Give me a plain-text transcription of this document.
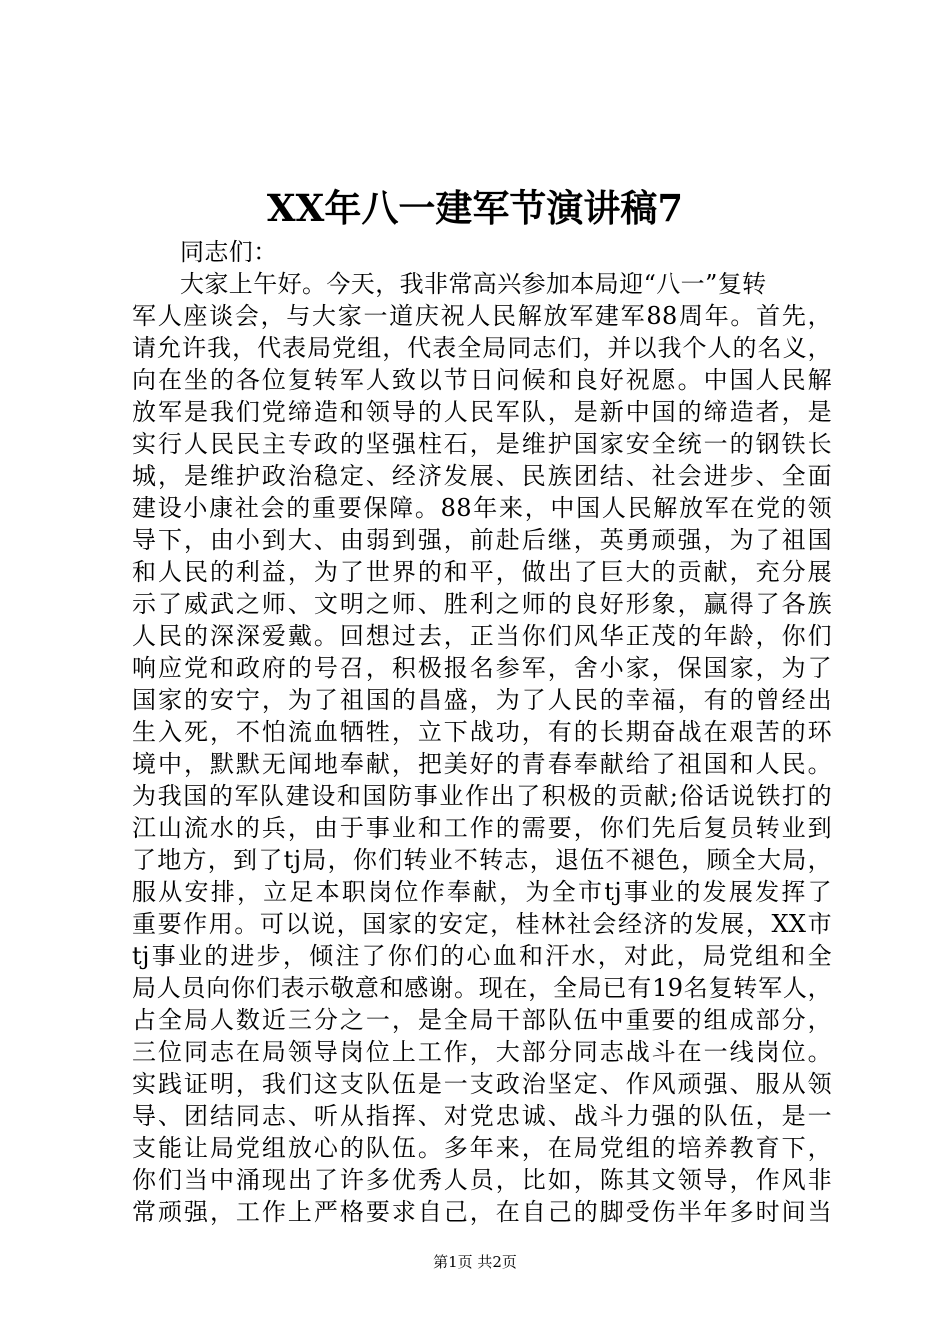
XX年八一建军节演讲稿7
同志们：
大家上午好。今天，我非常高兴参加本局迎“八一”复转
军人座谈会，与大家一道庆祝人民解放军建军88周年。首先，
请允许我，代表局党组，代表全局同志们，并以我个人的名义，
向在坐的各位复转军人致以节日问候和良好祝愿。中国人民解
放军是我们党缔造和领导的人民军队，是新中国的缔造者，是
实行人民民主专政的坚强柱石，是维护国家安全统一的钢铁长
城，是维护政治稳定、经济发展、民族团结、社会进步、全面
建设小康社会的重要保障。88年来，中国人民解放军在党的领
导下，由小到大、由弱到强，前赴后继，英勇顽强，为了祖国
和人民的利益，为了世界的和平，做出了巨大的贡献，充分展
示了威武之师、文明之师、胜利之师的良好形象，赢得了各族
人民的深深爱戴。回想过去，正当你们风华正茂的年龄，你们
响应党和政府的号召，积极报名参军，舍小家，保国家，为了
国家的安宁，为了祖国的昌盛，为了人民的幸福，有的曾经出
生入死，不怕流血牺牲，立下战功，有的长期奋战在艰苦的环
境中，默默无闻地奉献，把美好的青春奉献给了祖国和人民。
为我国的军队建设和国防事业作出了积极的贡献;俗话说铁打的
江山流水的兵，由于事业和工作的需要，你们先后复员转业到
了地方，到了tj局，你们转业不转志，退伍不褪色，顾全大局，
服从安排，立足本职岗位作奉献，为全市tj事业的发展发挥了
重要作用。可以说，国家的安定，桂林社会经济的发展，XX市
tj事业的进步，倾注了你们的心血和汗水，对此，局党组和全
局人员向你们表示敬意和感谢。现在，全局已有19名复转军人，
占全局人数近三分之一，是全局干部队伍中重要的组成部分，
三位同志在局领导岗位上工作，大部分同志战斗在一线岗位。
实践证明，我们这支队伍是一支政治坚定、作风顽强、服从领
导、团结同志、听从指挥、对党忠诚、战斗力强的队伍，是一
支能让局党组放心的队伍。多年来，在局党组的培养教育下，
你们当中涌现出了许多优秀人员，比如，陈其文领导，作风非
常顽强，工作上严格要求自己，在自己的脚受伤半年多时间当
第1页 共2页
